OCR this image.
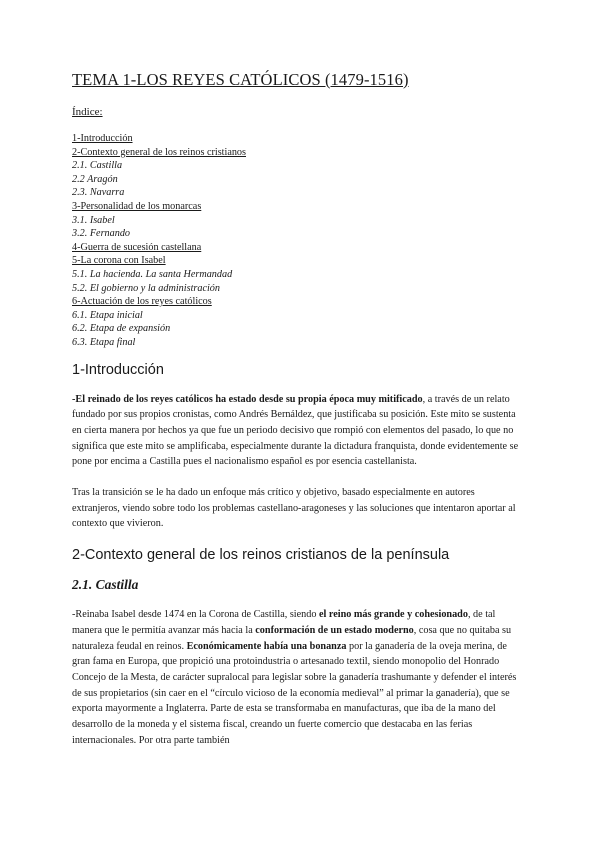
TEMA 1-LOS REYES CATÓLICOS (1479-1516)
Índice:
1-Introducción
2-Contexto general de los reinos cristianos
2.1. Castilla
2.2 Aragón
2.3. Navarra
3-Personalidad de los monarcas
3.1. Isabel
3.2. Fernando
4-Guerra de sucesión castellana
5-La corona con Isabel
5.1. La hacienda. La santa Hermandad
5.2. El gobierno y la administración
6-Actuación de los reyes católicos
6.1. Etapa inicial
6.2. Etapa de expansión
6.3. Etapa final
1-Introducción

-El reinado de los reyes católicos ha estado desde su propia época muy mitificado, a través de un relato fundado por sus propios cronistas, como Andrés Bernáldez, que justificaba su posición. Este mito se sustenta en cierta manera por hechos ya que fue un periodo decisivo que rompió con elementos del pasado, lo que no significa que este mito se amplificaba, especialmente durante la dictadura franquista, donde evidentemente se pone por encima a Castilla pues el nacionalismo español es por esencia castellanista.

Tras la transición se le ha dado un enfoque más crítico y objetivo, basado especialmente en autores extranjeros, viendo sobre todo los problemas castellano-aragoneses y las soluciones que intentaron aportar al contexto que vivieron.

2-Contexto general de los reinos cristianos de la península
2.1. Castilla

-Reinaba Isabel desde 1474 en la Corona de Castilla, siendo el reino más grande y cohesionado, de tal manera que le permitía avanzar más hacia la conformación de un estado moderno, cosa que no quitaba su naturaleza feudal en reinos. Económicamente había una bonanza por la ganadería de la oveja merina, de gran fama en Europa, que propició una protoindustria o artesanado textil, siendo monopolio del Honrado Concejo de la Mesta, de carácter supralocal para legislar sobre la ganadería trashumante y defender el interés de sus propietarios (sin caer en el “círculo vicioso de la economía medieval” al primar la ganadería), que se exporta mayormente a Inglaterra. Parte de esta se transformaba en manufacturas, que iba de la mano del desarrollo de la moneda y el sistema fiscal, creando un fuerte comercio que destacaba en las ferias internacionales. Por otra parte también
